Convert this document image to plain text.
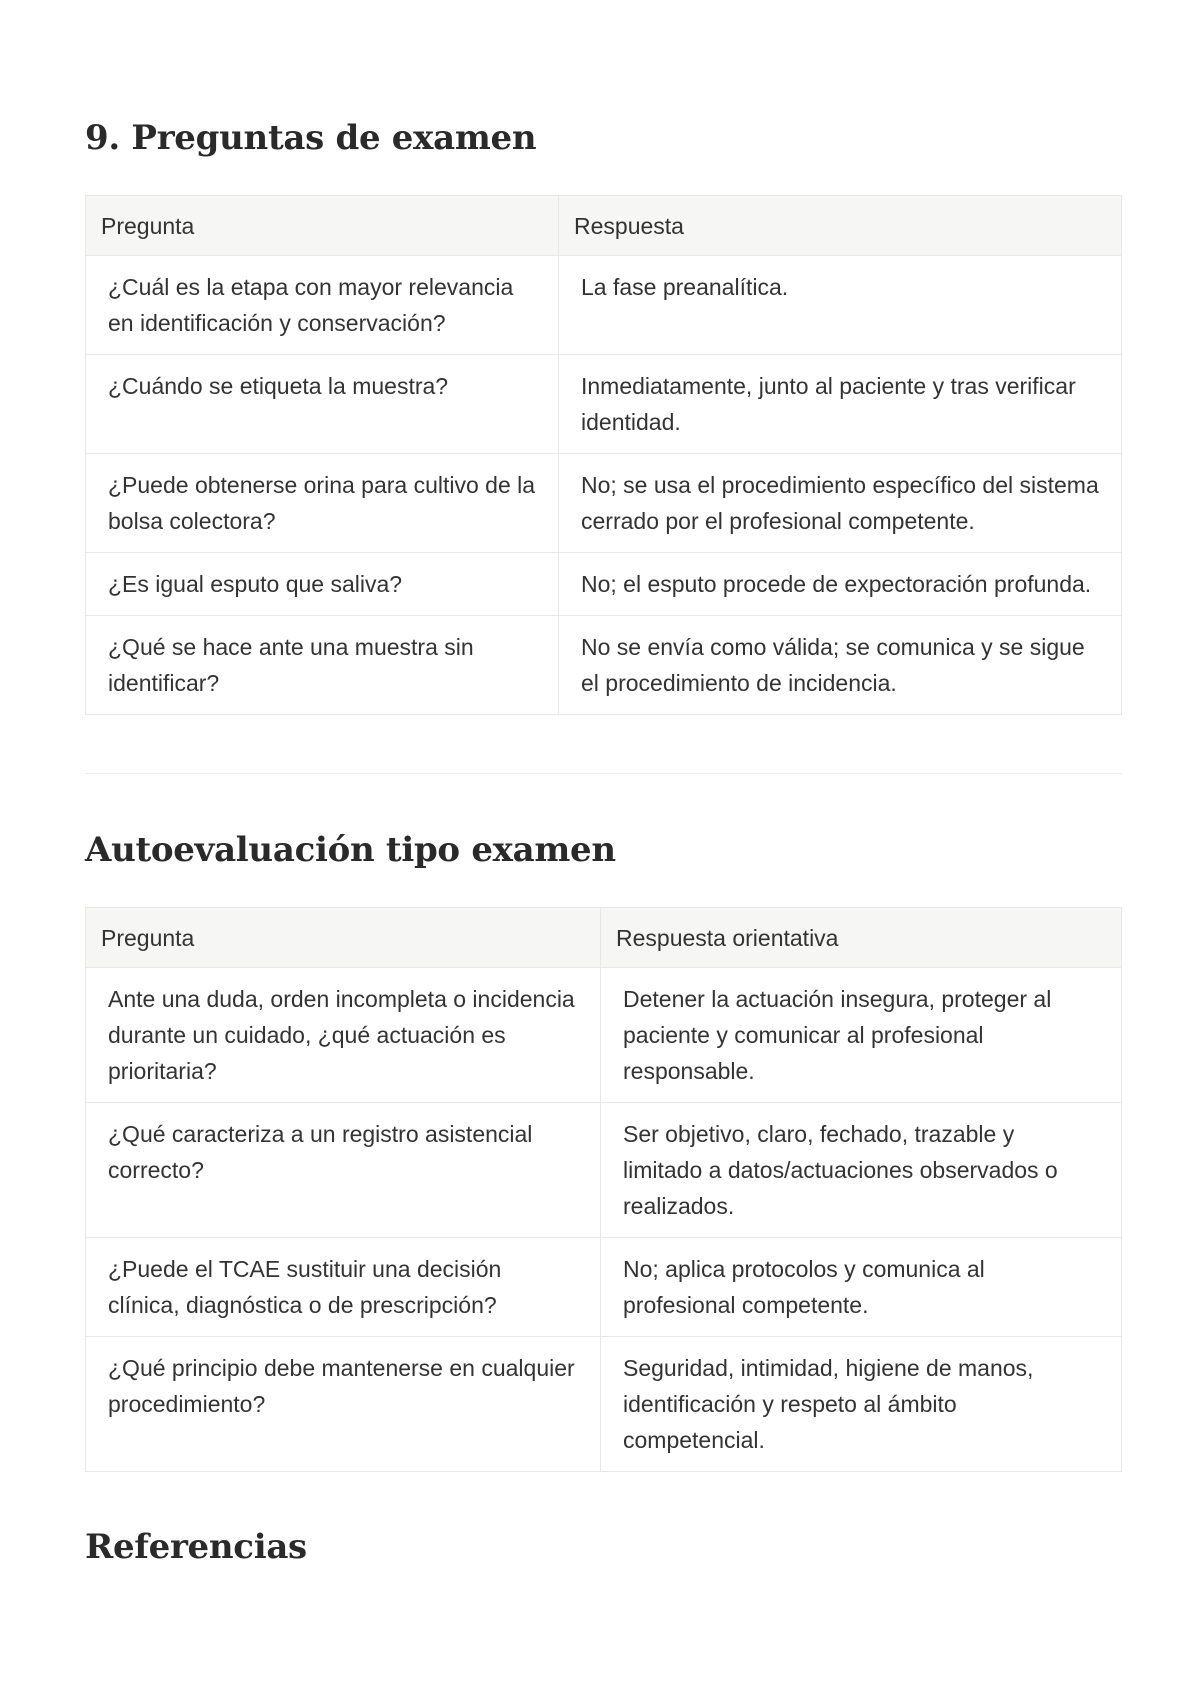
9. Preguntas de examen
Pregunta	Respuesta
¿Cuál es la etapa con mayor relevancia en identificación y conservación?	La fase preanalítica.
¿Cuándo se etiqueta la muestra?	Inmediatamente, junto al paciente y tras verificar identidad.
¿Puede obtenerse orina para cultivo de la bolsa colectora?	No; se usa el procedimiento específico del sistema cerrado por el profesional competente.
¿Es igual esputo que saliva?	No; el esputo procede de expectoración profunda.
¿Qué se hace ante una muestra sin identificar?	No se envía como válida; se comunica y se sigue el procedimiento de incidencia.
Autoevaluación tipo examen
Pregunta	Respuesta orientativa
Ante una duda, orden incompleta o incidencia durante un cuidado, ¿qué actuación es prioritaria?	Detener la actuación insegura, proteger al paciente y comunicar al profesional responsable.
¿Qué caracteriza a un registro asistencial correcto?	Ser objetivo, claro, fechado, trazable y limitado a datos/actuaciones observados o realizados.
¿Puede el TCAE sustituir una decisión clínica, diagnóstica o de prescripción?	No; aplica protocolos y comunica al profesional competente.
¿Qué principio debe mantenerse en cualquier procedimiento?	Seguridad, intimidad, higiene de manos, identificación y respeto al ámbito competencial.
Referencias
